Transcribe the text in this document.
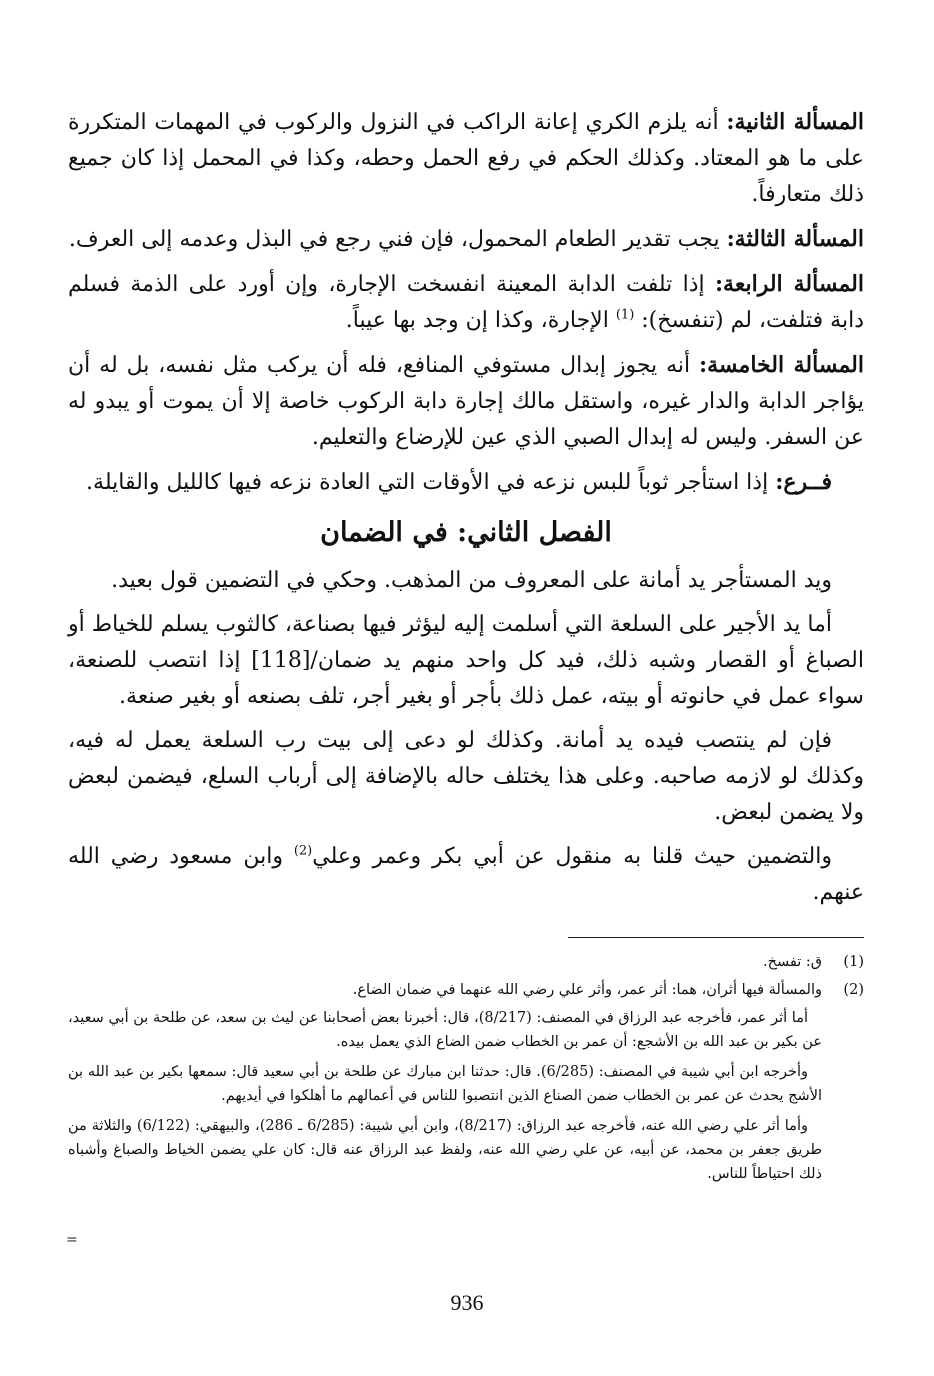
المسألة الثانية: أنه يلزم الكري إعانة الراكب في النزول والركوب في المهمات المتكررة على ما هو المعتاد. وكذلك الحكم في رفع الحمل وحطه، وكذا في المحمل إذا كان جميع ذلك متعارفاً.

المسألة الثالثة: يجب تقدير الطعام المحمول، فإن فني رجع في البذل وعدمه إلى العرف.

المسألة الرابعة: إذا تلفت الدابة المعينة انفسخت الإجارة، وإن أورد على الذمة فسلم دابة فتلفت، لم (تنفسخ): $^{(1)}$ الإجارة، وكذا إن وجد بها عيباً.

المسألة الخامسة: أنه يجوز إبدال مستوفي المنافع، فله أن يركب مثل نفسه، بل له أن يؤاجر الدابة والدار غيره، واستقل مالك إجارة دابة الركوب خاصة إلا أن يموت أو يبدو له عن السفر. وليس له إبدال الصبي الذي عين للإرضاع والتعليم.

فــرع: إذا استأجر ثوباً للبس نزعه في الأوقات التي العادة نزعه فيها كالليل والقايلة.

الفصل الثاني: في الضمان

ويد المستأجر يد أمانة على المعروف من المذهب. وحكي في التضمين قول بعيد.

أما يد الأجير على السلعة التي أسلمت إليه ليؤثر فيها بصناعة، كالثوب يسلم للخياط أو الصباغ أو القصار وشبه ذلك، فيد كل واحد منهم يد ضمان/[118] إذا انتصب للصنعة، سواء عمل في حانوته أو بيته، عمل ذلك بأجر أو بغير أجر، تلف بصنعه أو بغير صنعة.

فإن لم ينتصب فيده يد أمانة. وكذلك لو دعى إلى بيت رب السلعة يعمل له فيه، وكذلك لو لازمه صاحبه. وعلى هذا يختلف حاله بالإضافة إلى أرباب السلع، فيضمن لبعض ولا يضمن لبعض.

والتضمين حيث قلنا به منقول عن أبي بكر وعمر وعلي$^{(2)}$ وابن مسعود رضي الله عنهم.

(1)
ق: تفسخ.
(2)
والمسألة فيها أثران، هما: أثر عمر، وأثر علي رضي الله عنهما في ضمان الضاع.

أما أثر عمر، فأخرجه عبد الرزاق في المصنف: (8/217)، قال: أخبرنا بعض أصحابنا عن ليث بن سعد، عن طلحة بن أبي سعيد، عن بكير بن عبد الله بن الأشجع: أن عمر بن الخطاب ضمن الضاع الذي يعمل بيده.

وأخرجه ابن أبي شيبة في المصنف: (6/285). قال: حدثنا ابن مبارك عن طلحة بن أبي سعيد قال: سمعها بكير بن عبد الله بن الأشج يحدث عن عمر بن الخطاب ضمن الصناع الذين انتصبوا للناس في أعمالهم ما أهلكوا في أيديهم.

وأما أثر علي رضي الله عنه، فأخرجه عبد الرزاق: (8/217)، وابن أبي شيبة: (6/285 ـ 286)، والبيهقي: (6/122) والثلاثة من طريق جعفر بن محمد، عن أبيه، عن علي رضي الله عنه، ولفظ عبد الرزاق عنه قال: كان علي يضمن الخياط والصباغ وأشباه ذلك احتياطاً للناس.

=
936
